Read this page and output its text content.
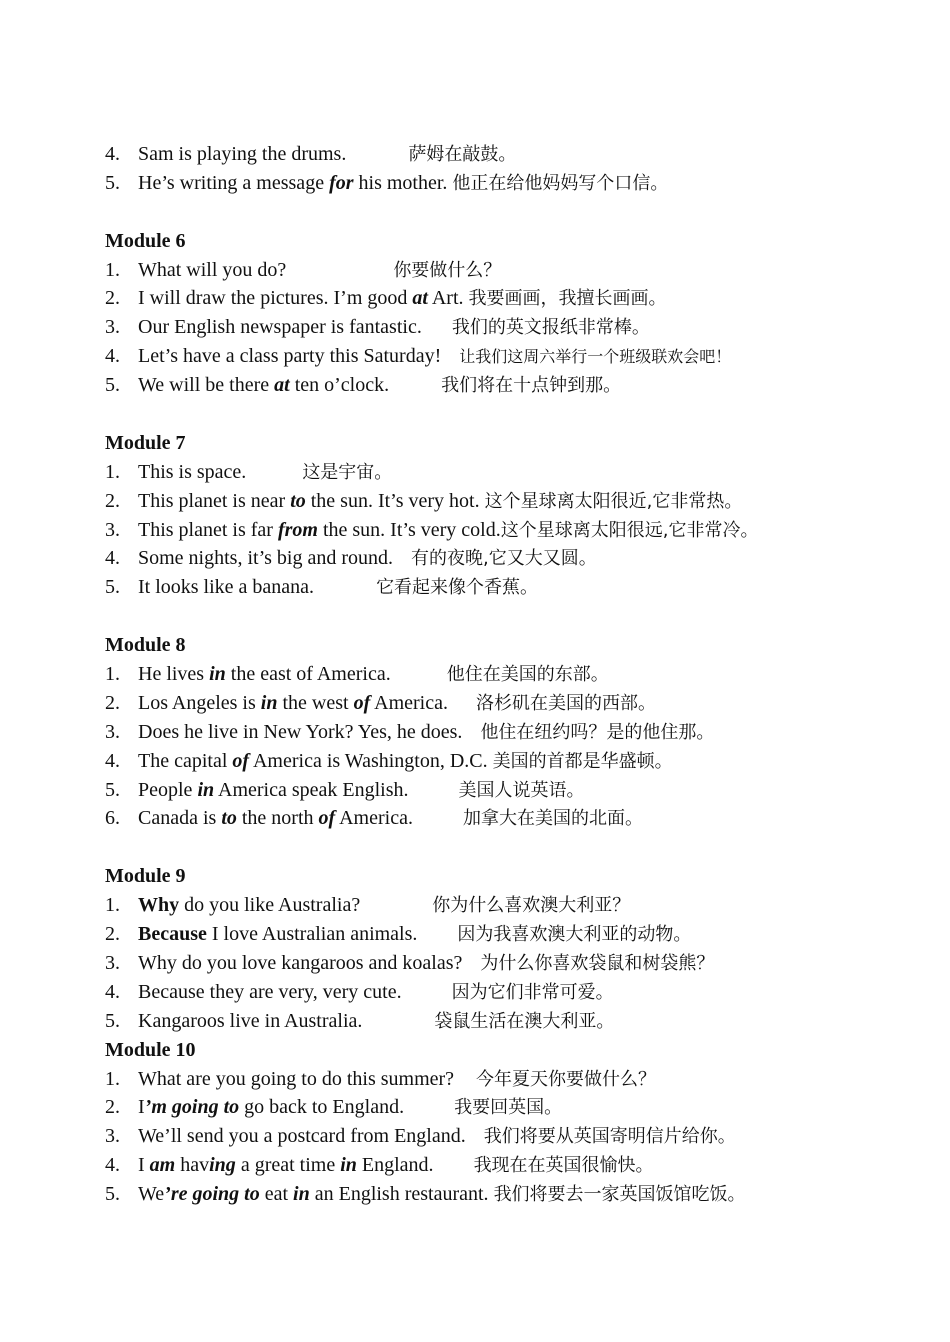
4. Sam is playing the drums.	萨姆在敲鼓。
5. He’s writing a message for his mother. 他正在给他妈妈写个口信。
Module 6
1. What will you do?	你要做什么？
2. I will draw the pictures. I’m good at Art. 我要画画，我擅长画画。
3. Our English newspaper is fantastic. 我们的英文报纸非常棒。
4. Let’s have a class party this Saturday! 让我们这周六举行一个班级联欢会吧！
5. We will be there at ten o’clock.	我们将在十点钟到那。
Module 7
1. This is space.	这是宇宙。
2. This planet is near to the sun. It’s very hot. 这个星球离太阳很近,它非常热。
3. This planet is far from the sun. It’s very cold.这个星球离太阳很远,它非常冷。
4. Some nights, it’s big and round. 有的夜晚,它又大又圆。
5. It looks like a banana.	它看起来像个香蕉。
Module 8
1. He lives in the east of America.	他住在美国的东部。
2. Los Angeles is in the west of America. 洛杉矶在美国的西部。
3. Does he live in New York? Yes, he does. 他住在纽约吗？是的他住那。
4. The capital of America is Washington, D.C. 美国的首都是华盛顿。
5. People in America speak English.	美国人说英语。
6. Canada is to the north of America.	加拿大在美国的北面。
Module 9
1. Why do you like Australia?	你为什么喜欢澳大利亚？
2. Because I love Australian animals. 因为我喜欢澳大利亚的动物。
3. Why do you love kangaroos and koalas? 为什么你喜欢袋鼠和树袋熊？
4. Because they are very, very cute.	因为它们非常可爱。
5. Kangaroos live in Australia.	袋鼠生活在澳大利亚。
Module 10
1. What are you going to do this summer? 今年夏天你要做什么？
2. I’m going to go back to England.	我要回英国。
3. We’ll send you a postcard from England. 我们将要从英国寄明信片给你。
4. I am having a great time in England. 我现在在英国很愉快。
5. We’re going to eat in an English restaurant. 我们将要去一家英国饭馆吃饭。
